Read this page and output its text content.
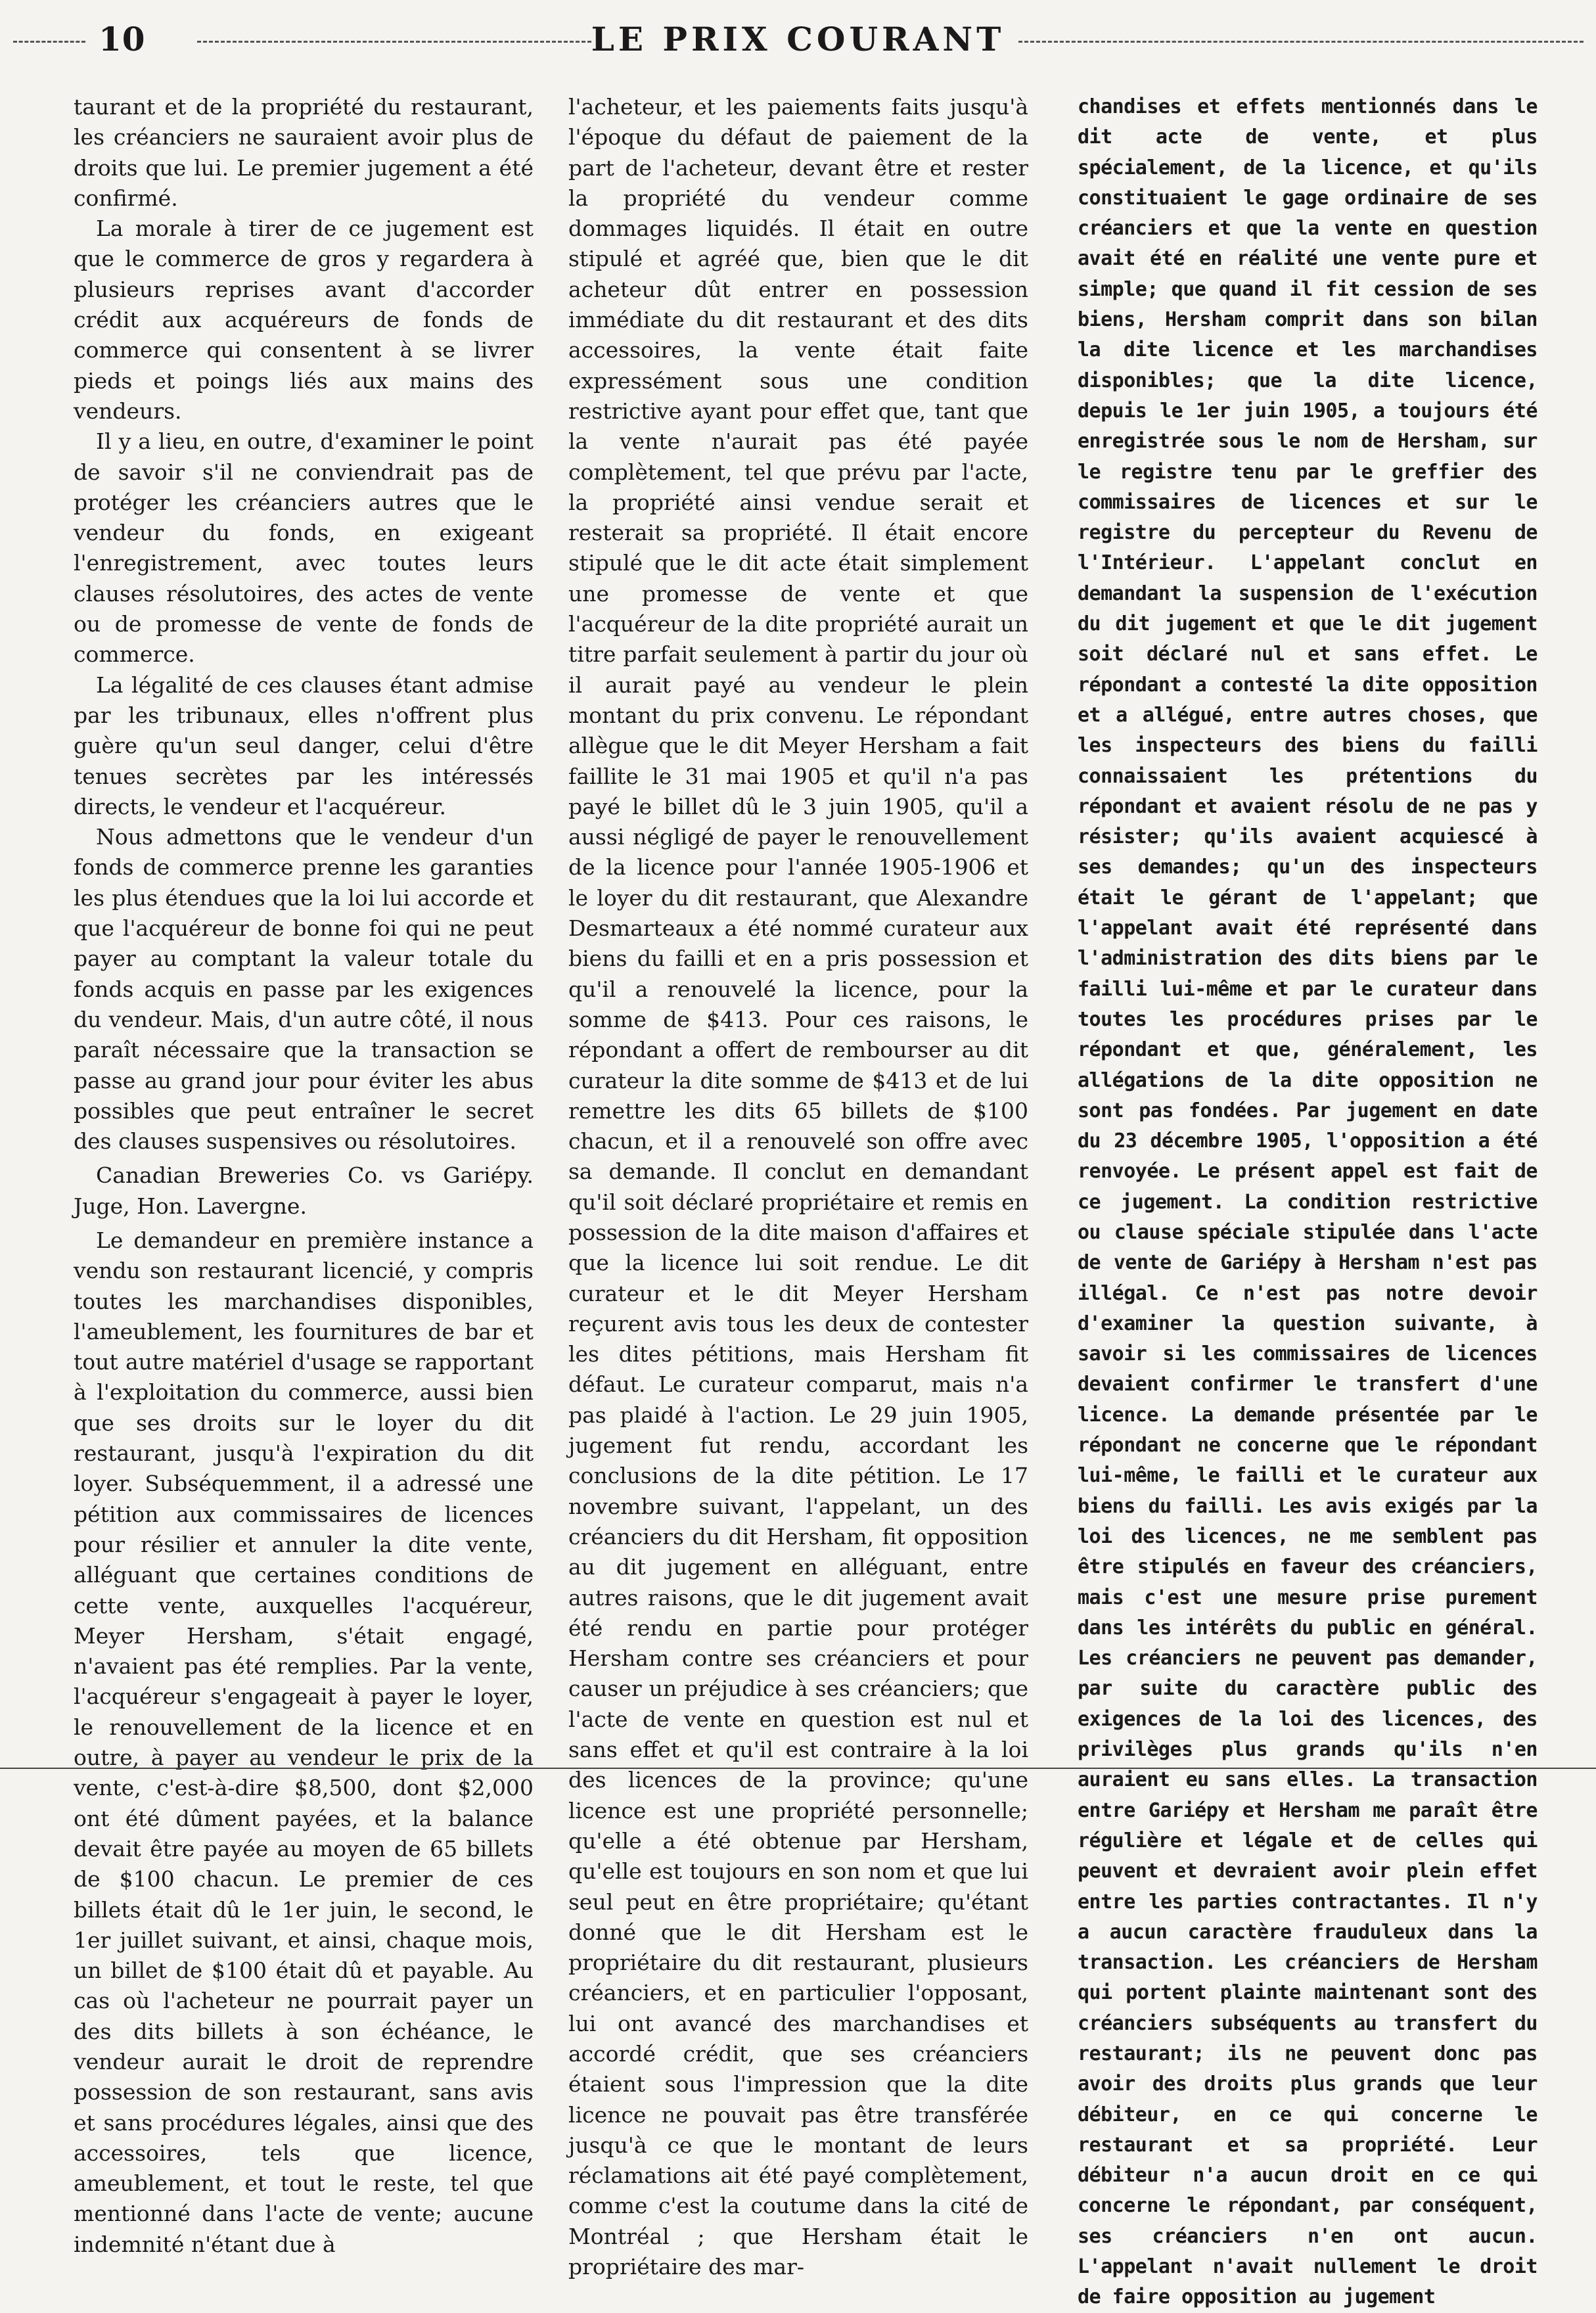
10	LE PRIX COURANT

taurant et de la propriété du restaurant, les créanciers ne sauraient avoir plus de droits que lui. Le premier jugement a été confirmé.

La morale à tirer de ce jugement est que le commerce de gros y regardera à plusieurs reprises avant d'accorder crédit aux acquéreurs de fonds de commerce qui consentent à se livrer pieds et poings liés aux mains des vendeurs.

Il y a lieu, en outre, d'examiner le point de savoir s'il ne conviendrait pas de protéger les créanciers autres que le vendeur du fonds, en exigeant l'enregistrement, avec toutes leurs clauses résolutoires, des actes de vente ou de promesse de vente de fonds de commerce.

La légalité de ces clauses étant admise par les tribunaux, elles n'offrent plus guère qu'un seul danger, celui d'être tenues secrètes par les intéressés directs, le vendeur et l'acquéreur.

Nous admettons que le vendeur d'un fonds de commerce prenne les garanties les plus étendues que la loi lui accorde et que l'acquéreur de bonne foi qui ne peut payer au comptant la valeur totale du fonds acquis en passe par les exigences du vendeur. Mais, d'un autre côté, il nous paraît nécessaire que la transaction se passe au grand jour pour éviter les abus possibles que peut entraîner le secret des clauses suspensives ou résolutoires.

Canadian Breweries Co. vs Gariépy. Juge, Hon. Lavergne.

Le demandeur en première instance a vendu son restaurant licencié, y compris toutes les marchandises disponibles, l'ameublement, les fournitures de bar et tout autre matériel d'usage se rapportant à l'exploitation du commerce, aussi bien que ses droits sur le loyer du dit restaurant, jusqu'à l'expiration du dit loyer. Subséquemment, il a adressé une pétition aux commissaires de licences pour résilier et annuler la dite vente, alléguant que certaines conditions de cette vente, auxquelles l'acquéreur, Meyer Hersham, s'était engagé, n'avaient pas été remplies. Par la vente, l'acquéreur s'engageait à payer le loyer, le renouvellement de la licence et en outre, à payer au vendeur le prix de la vente, c'est-à-dire $8,500, dont $2,000 ont été dûment payées, et la balance devait être payée au moyen de 65 billets de $100 chacun. Le premier de ces billets était dû le 1er juin, le second, le 1er juillet suivant, et ainsi, chaque mois, un billet de $100 était dû et payable. Au cas où l'acheteur ne pourrait payer un des dits billets à son échéance, le vendeur aurait le droit de reprendre possession de son restaurant, sans avis et sans procédures légales, ainsi que des accessoires, tels que licence, ameublement, et tout le reste, tel que mentionné dans l'acte de vente; aucune indemnité n'étant due à

l'acheteur, et les paiements faits jusqu'à l'époque du défaut de paiement de la part de l'acheteur, devant être et rester la propriété du vendeur comme dommages liquidés. Il était en outre stipulé et agréé que, bien que le dit acheteur dût entrer en possession immédiate du dit restaurant et des dits accessoires, la vente était faite expressément sous une condition restrictive ayant pour effet que, tant que la vente n'aurait pas été payée complètement, tel que prévu par l'acte, la propriété ainsi vendue serait et resterait sa propriété. Il était encore stipulé que le dit acte était simplement une promesse de vente et que l'acquéreur de la dite propriété aurait un titre parfait seulement à partir du jour où il aurait payé au vendeur le plein montant du prix convenu. Le répondant allègue que le dit Meyer Hersham a fait faillite le 31 mai 1905 et qu'il n'a pas payé le billet dû le 3 juin 1905, qu'il a aussi négligé de payer le renouvellement de la licence pour l'année 1905-1906 et le loyer du dit restaurant, que Alexandre Desmarteaux a été nommé curateur aux biens du failli et en a pris possession et qu'il a renouvelé la licence, pour la somme de $413. Pour ces raisons, le répondant a offert de rembourser au dit curateur la dite somme de $413 et de lui remettre les dits 65 billets de $100 chacun, et il a renouvelé son offre avec sa demande. Il conclut en demandant qu'il soit déclaré propriétaire et remis en possession de la dite maison d'affaires et que la licence lui soit rendue. Le dit curateur et le dit Meyer Hersham reçurent avis tous les deux de contester les dites pétitions, mais Hersham fit défaut. Le curateur comparut, mais n'a pas plaidé à l'action. Le 29 juin 1905, jugement fut rendu, accordant les conclusions de la dite pétition. Le 17 novembre suivant, l'appelant, un des créanciers du dit Hersham, fit opposition au dit jugement en alléguant, entre autres raisons, que le dit jugement avait été rendu en partie pour protéger Hersham contre ses créanciers et pour causer un préjudice à ses créanciers; que l'acte de vente en question est nul et sans effet et qu'il est contraire à la loi des licences de la province; qu'une licence est une propriété personnelle; qu'elle a été obtenue par Hersham, qu'elle est toujours en son nom et que lui seul peut en être propriétaire; qu'étant donné que le dit Hersham est le propriétaire du dit restaurant, plusieurs créanciers, et en particulier l'opposant, lui ont avancé des marchandises et accordé crédit, que ses créanciers étaient sous l'impression que la dite licence ne pouvait pas être transférée jusqu'à ce que le montant de leurs réclamations ait été payé complètement, comme c'est la coutume dans la cité de Montréal ; que Hersham était le propriétaire des mar-

chandises et effets mentionnés dans le dit acte de vente, et plus spécialement, de la licence, et qu'ils constituaient le gage ordinaire de ses créanciers et que la vente en question avait été en réalité une vente pure et simple; que quand il fit cession de ses biens, Hersham comprit dans son bilan la dite licence et les marchandises disponibles; que la dite licence, depuis le 1er juin 1905, a toujours été enregistrée sous le nom de Hersham, sur le registre tenu par le greffier des commissaires de licences et sur le registre du percepteur du Revenu de l'Intérieur. L'appelant conclut en demandant la suspension de l'exécution du dit jugement et que le dit jugement soit déclaré nul et sans effet. Le répondant a contesté la dite opposition et a allégué, entre autres choses, que les inspecteurs des biens du failli connaissaient les prétentions du répondant et avaient résolu de ne pas y résister; qu'ils avaient acquiescé à ses demandes; qu'un des inspecteurs était le gérant de l'appelant; que l'appelant avait été représenté dans l'administration des dits biens par le failli lui-même et par le curateur dans toutes les procédures prises par le répondant et que, généralement, les allégations de la dite opposition ne sont pas fondées. Par jugement en date du 23 décembre 1905, l'opposition a été renvoyée. Le présent appel est fait de ce jugement. La condition restrictive ou clause spéciale stipulée dans l'acte de vente de Gariépy à Hersham n'est pas illégal. Ce n'est pas notre devoir d'examiner la question suivante, à savoir si les commissaires de licences devaient confirmer le transfert d'une licence. La demande présentée par le répondant ne concerne que le répondant lui-même, le failli et le curateur aux biens du failli. Les avis exigés par la loi des licences, ne me semblent pas être stipulés en faveur des créanciers, mais c'est une mesure prise purement dans les intérêts du public en général. Les créanciers ne peuvent pas demander, par suite du caractère public des exigences de la loi des licences, des privilèges plus grands qu'ils n'en auraient eu sans elles. La transaction entre Gariépy et Hersham me paraît être régulière et légale et de celles qui peuvent et devraient avoir plein effet entre les parties contractantes. Il n'y a aucun caractère frauduleux dans la transaction. Les créanciers de Hersham qui portent plainte maintenant sont des créanciers subséquents au transfert du restaurant; ils ne peuvent donc pas avoir des droits plus grands que leur débiteur, en ce qui concerne le restaurant et sa propriété. Leur débiteur n'a aucun droit en ce qui concerne le répondant, par conséquent, ses créanciers n'en ont aucun. L'appelant n'avait nullement le droit de faire opposition au jugement
